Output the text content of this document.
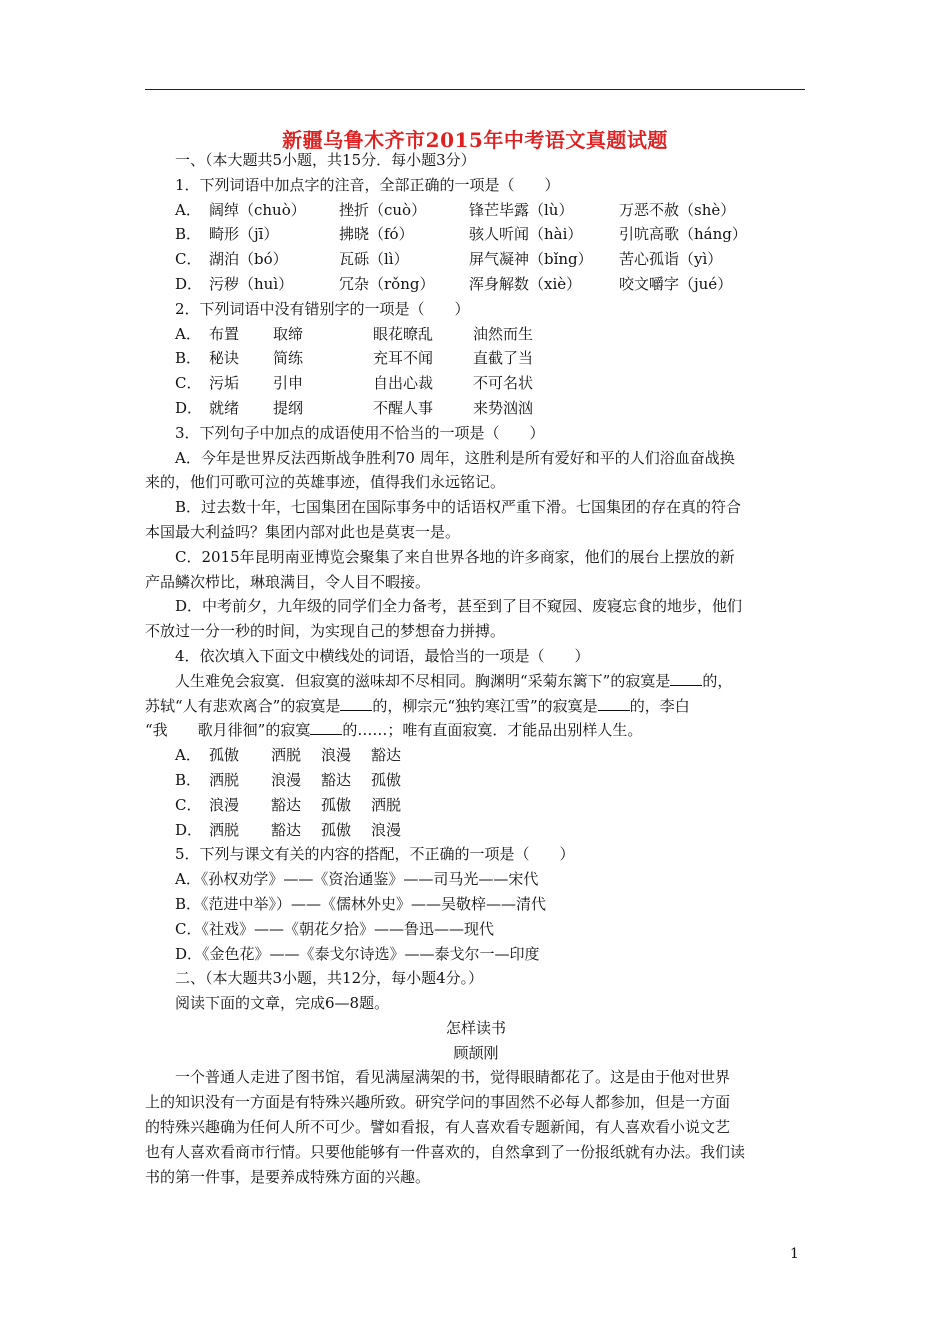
新疆乌鲁木齐市2015年中考语文真题试题
一、（本大题共5小题，共15分．每小题3分）
1．下列词语中加点字的注音，全部正确的一项是（　　）
A． 阔绰（chuò）	挫折（cuò）	锋芒毕露（lù）	万恶不赦（shè）
B． 畸形（jī）	拂晓（fó）	骇人听闻（hài）	引吭高歌（háng）
C． 湖泊（bó）	瓦砾（lì）	屏气凝神（bǐng）	苦心孤诣（yì）
D． 污秽（huì）	冗杂（rǒng）	浑身解数（xiè）	咬文嚼字（jué）
2．下列词语中没有错别字的一项是（　　）
A． 布置	取缔	眼花暸乱	油然而生
B． 秘诀	简练	充耳不闻	直截了当
C． 污垢	引申	自出心裁	不可名状
D． 就绪	提纲	不醒人事	来势汹汹
3．下列句子中加点的成语使用不恰当的一项是（　　）
A．今年是世界反法西斯战争胜利70 周年，这胜利是所有爱好和平的人们浴血奋战换
来的，他们可歌可泣的英雄事迹，值得我们永远铭记。
B．过去数十年，七国集团在国际事务中的话语权严重下滑。七国集团的存在真的符合
本国最大利益吗？集团内部对此也是莫衷一是。
C．2015年昆明南亚博览会聚集了来自世界各地的许多商家，他们的展台上摆放的新
产品鳞次栉比，琳琅满目，令人目不暇接。
D．中考前夕，九年级的同学们全力备考，甚至到了目不窥园、废寝忘食的地步，他们
不放过一分一秒的时间，为实现自己的梦想奋力拼搏。
4．依次填入下面文中横线处的词语，最恰当的一项是（　　）
人生难免会寂寞．但寂寞的滋味却不尽相同。胸渊明“采菊东篱下”的寂寞是 的，
苏轼“人有悲欢离合”的寂寞是 的，柳宗元“独钓寒江雪”的寂寞是 的，李白
“我　　歌月徘徊”的寂寞 的……；唯有直面寂寞．才能品出别样人生。
A． 孤傲	洒脱	浪漫	豁达
B． 洒脱	浪漫	豁达	孤傲
C． 浪漫	豁达	孤傲	洒脱
D． 洒脱	豁达	孤傲	浪漫
5．下列与课文有关的内容的搭配，不正确的一项是（　　）
A．《孙权劝学》——《资治通鉴》——司马光——宋代
B．《范进中举》）——《儒林外史》——吴敬梓——清代
C．《社戏》——《朝花夕拾》——鲁迅——现代
D．《金色花》——《泰戈尔诗选》——泰戈尔一—印度
二、（本大题共3小题，共12分，每小题4分。）
阅读下面的文章，完成6—8题。
怎样读书
顾颉刚
一个普通人走进了图书馆，看见满屋满架的书，觉得眼睛都花了。这是由于他对世界
上的知识没有一方面是有特殊兴趣所致。研究学问的事固然不必每人都参加，但是一方面
的特殊兴趣确为任何人所不可少。譬如看报，有人喜欢看专题新闻，有人喜欢看小说文艺
也有人喜欢看商市行情。只要他能够有一件喜欢的，自然拿到了一份报纸就有办法。我们读
书的第一件事，是要养成特殊方面的兴趣。
1
